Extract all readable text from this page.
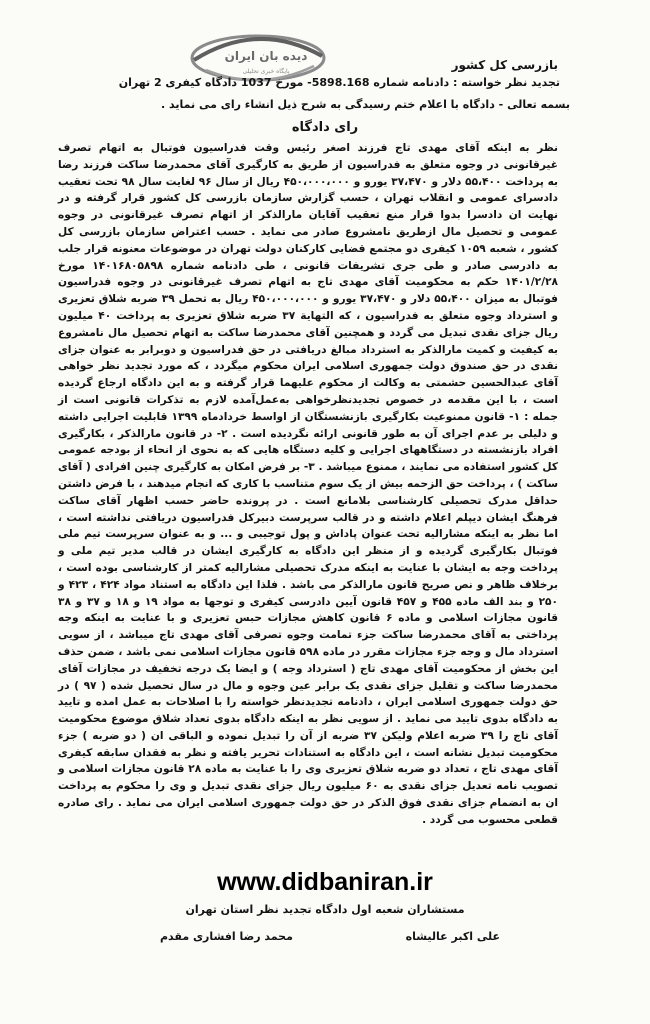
دیده بان ایران
پایگاه خبری تحلیلی	بازرسی کل کشور
تجدید نظر خواسته : دادنامه شماره 5898.168- مورخ 1037 دادگاه کیفری 2 تهران
بسمه تعالی - دادگاه با اعلام ختم رسیدگی به شرح ذیل انشاء رای می نماید .
رای دادگاه

نظر به اینکه آقای مهدی تاج فرزند اصغر رئیس وقت فدراسیون فوتبال به اتهام تصرف غیرقانونی در وجوه متعلق به فدراسیون از طریق به کارگیری آقای محمدرضا ساکت فرزند رضا به پرداخت ۵۵،۴۰۰ دلار و ۳۷،۴۷۰ یورو و ۴۵۰،۰۰۰،۰۰۰ ریال از سال ۹۶ لغایت سال ۹۸ تحت تعقیب دادسرای عمومی و انقلاب تهران ، حسب گزارش سازمان بازرسی کل کشور قرار گرفته و در نهایت ان دادسرا بدوا قرار منع تعقیب آقایان مارالذکر از اتهام تصرف غیرقانونی در وجوه عمومی و تحصیل مال ازطریق نامشروع صادر می نماید . حسب اعتراض سازمان بازرسی کل کشور ، شعبه ۱۰۵۹ کیفری دو مجتمع قضایی کارکنان دولت تهران در موضوعات معنونه قرار جلب به دادرسی صادر و طی جری تشریفات قانونی ، طی دادنامه شماره ۱۴۰۱۶۸۰۵۸۹۸ مورخ ۱۴۰۱/۲/۲۸ حکم به محکومیت آقای مهدی تاج به اتهام تصرف غیرقانونی در وجوه فدراسیون فوتبال به میزان ۵۵،۴۰۰ دلار و ۳۷،۴۷۰ یورو و ۴۵۰،۰۰۰،۰۰۰ ریال به تحمل ۳۹ ضربه شلاق تعزیری و استرداد وجوه متعلق به فدراسیون ، که التهایة ۳۷ ضربه شلاق تعزیری به پرداخت ۴۰ میلیون ریال جزای نقدی تبدیل می گردد و همچنین آقای محمدرضا ساکت به اتهام تحصیل مال نامشروع به کیفیت و کمیت مارالذکر به استرداد مبالغ دریافتی در حق فدراسیون و دوبرابر به عنوان جزای نقدی در حق صندوق دولت جمهوری اسلامی ایران محکوم میگردد ، که مورد تجدید نظر خواهی آقای عبدالحسین حشمتی به وکالت از محکوم علیهما قرار گرفته و به این دادگاه ارجاع گردیده است ، با این مقدمه در خصوص تجدیدنظرخواهی به‌عمل‌آمده لازم به تذکرات قانونی است از جمله : ۱- قانون ممنوعیت بکارگیری بازنشستگان از اواسط خردادماه ۱۳۹۹ قابلیت اجرایی داشته و دلیلی بر عدم اجرای آن به طور قانونی ارائه نگردیده است . ۲- در قانون مارالذکر ، بکارگیری افراد بازنشسته در دستگاههای اجرایی و کلیه دستگاه هایی که به نحوی از انحاء از بودجه عمومی کل کشور استفاده می نمایند ، ممنوع میباشد . ۳- بر فرض امکان به کارگیری چنین افرادی ( آقای ساکت ) ، پرداخت حق الزحمه بیش از یک سوم متناسب با کاری که انجام میدهند ، با فرض داشتن حداقل مدرک تحصیلی کارشناسی بلامانع است . در پرونده حاضر حسب اظهار آقای ساکت فرهنگ ایشان دیپلم اعلام داشته و در قالب سرپرست دبیرکل فدراسیون دریافتی نداشته است ، اما نظر به اینکه مشارالیه تحت عنوان پاداش و پول توجیبی و ... و به عنوان سرپرست تیم ملی فوتبال بکارگیری گردیده و از منظر این دادگاه به کارگیری ایشان در قالب مدیر تیم ملی و پرداخت وجه به ایشان با عنایت به اینکه مدرک تحصیلی مشارالیه کمتر از کارشناسی بوده است ، برخلاف ظاهر و نص صریح قانون مارالذکر می باشد . فلذا این دادگاه به استناد مواد ۴۲۴ ، ۴۲۳ و ۲۵۰ و بند الف ماده ۴۵۵ و ۴۵۷ قانون آیین دادرسی کیفری و توجها به مواد ۱۹ و ۱۸ و ۳۷ و ۳۸ قانون مجازات اسلامی و ماده ۶ قانون کاهش مجازات حبس تعزیری و با عنایت به اینکه وجه پرداختی به آقای محمدرضا ساکت جزء تمامت وجوه تصرفی آقای مهدی تاج میباشد ، از سویی استرداد مال و وجه جزء مجازات مقرر در ماده ۵۹۸ قانون مجازات اسلامی نمی باشد ، ضمن حذف این بخش از محکومیت آقای مهدی تاج ( استرداد وجه ) و ایضا یک درجه تخفیف در مجازات آقای محمدرضا ساکت و تقلیل جزای نقدی یک برابر عین وجوه و مال در سال تحصیل شده ( ۹۷ ) در حق دولت جمهوری اسلامی ایران ، دادنامه تجدیدنظر خواسته را با اصلاحات به عمل امده و تایید به دادگاه بدوی تایید می نماید . از سویی نظر به اینکه دادگاه بدوی تعداد شلاق موضوع محکومیت آقای تاج را ۳۹ ضربه اعلام ولیکن ۳۷ ضربه از آن را تبدیل نموده و الباقی ان ( دو ضربه ) جزء محکومیت تبدیل نشانه است ، این دادگاه به استنادات تحریر یافته و نظر به فقدان سابقه کیفری آقای مهدی تاج ، تعداد دو ضربه شلاق تعزیری وی را با عنایت به ماده ۲۸ قانون مجازات اسلامی و تصویب نامه تعدیل جزای نقدی به ۶۰ میلیون ریال جزای نقدی تبدیل و وی را محکوم به پرداخت ان به انضمام جزای نقدی فوق الذکر در حق دولت جمهوری اسلامی ایران می نماید . رای صادره قطعی محسوب می گردد .

www.didbaniran.ir
مستشاران شعبه اول دادگاه تجدید نظر استان تهران
علی اکبر عالیشاه
محمد رضا افشاری مقدم
